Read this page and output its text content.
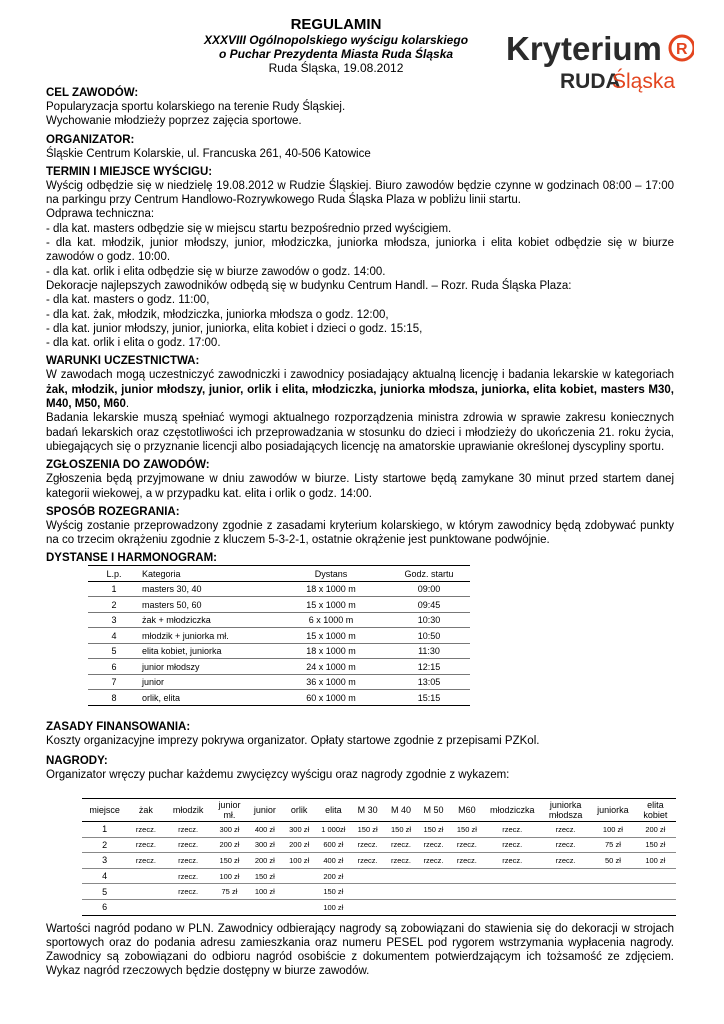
REGULAMIN
XXXVIII Ogólnopolskiego wyścigu kolarskiego
o Puchar Prezydenta Miasta Ruda Śląska
Ruda Śląska, 19.08.2012
Kryterium R
RUDA
Śląska
CEL ZAWODÓW:
Popularyzacja sportu kolarskiego na terenie Rudy Śląskiej.
Wychowanie młodzieży poprzez zajęcia sportowe.
ORGANIZATOR:
Śląskie Centrum Kolarskie, ul. Francuska 261, 40-506 Katowice
TERMIN I MIEJSCE WYŚCIGU:
Wyścig odbędzie się w niedzielę 19.08.2012 w Rudzie Śląskiej. Biuro zawodów będzie czynne w godzinach 08:00 – 17:00 na parkingu przy Centrum Handlowo-Rozrywkowego Ruda Śląska Plaza w pobliżu linii startu.
Odprawa techniczna:
- dla kat. masters odbędzie się w miejscu startu bezpośrednio przed wyścigiem.
- dla kat. młodzik, junior młodszy, junior, młodziczka, juniorka młodsza, juniorka i elita kobiet odbędzie się w biurze zawodów o godz. 10:00.
- dla kat. orlik i elita odbędzie się w biurze zawodów o godz. 14:00.
Dekoracje najlepszych zawodników odbędą się w budynku Centrum Handl. – Rozr. Ruda Śląska Plaza:
- dla kat. masters o godz. 11:00,
- dla kat. żak, młodzik, młodziczka, juniorka młodsza o godz. 12:00,
- dla kat. junior młodszy, junior, juniorka, elita kobiet i dzieci o godz. 15:15,
- dla kat. orlik i elita o godz. 17:00.
WARUNKI UCZESTNICTWA:
W zawodach mogą uczestniczyć zawodniczki i zawodnicy posiadający aktualną licencję i badania lekarskie w kategoriach żak, młodzik, junior młodszy, junior, orlik i elita, młodziczka, juniorka młodsza, juniorka, elita kobiet, masters M30, M40, M50, M60.
Badania lekarskie muszą spełniać wymogi aktualnego rozporządzenia ministra zdrowia w sprawie zakresu koniecznych badań lekarskich oraz częstotliwości ich przeprowadzania w stosunku do dzieci i młodzieży do ukończenia 21. roku życia, ubiegających się o przyznanie licencji albo posiadających licencję na amatorskie uprawianie określonej dyscypliny sportu.
ZGŁOSZENIA DO ZAWODÓW:
Zgłoszenia będą przyjmowane w dniu zawodów w biurze. Listy startowe będą zamykane 30 minut przed startem danej kategorii wiekowej, a w przypadku kat. elita i orlik o godz. 14:00.
SPOSÓB ROZEGRANIA:
Wyścig zostanie przeprowadzony zgodnie z zasadami kryterium kolarskiego, w którym zawodnicy będą zdobywać punkty na co trzecim okrążeniu zgodnie z kluczem 5-3-2-1, ostatnie okrążenie jest punktowane podwójnie.
DYSTANSE I HARMONOGRAM:
L.p.	Kategoria	Dystans	Godz. startu
1	masters 30, 40	18 x 1000 m	09:00
2	masters 50, 60	15 x 1000 m	09:45
3	żak + młodziczka	6 x 1000 m	10:30
4	młodzik + juniorka mł.	15 x 1000 m	10:50
5	elita kobiet, juniorka	18 x 1000 m	11:30
6	junior młodszy	24 x 1000 m	12:15
7	junior	36 x 1000 m	13:05
8	orlik, elita	60 x 1000 m	15:15
ZASADY FINANSOWANIA:
Koszty organizacyjne imprezy pokrywa organizator. Opłaty startowe zgodnie z przepisami PZKol.
NAGRODY:
Organizator wręczy puchar każdemu zwycięzcy wyścigu oraz nagrody zgodnie z wykazem:
miejsce	żak	młodzik	junior mł.	junior	orlik	elita	M 30	M 40	M 50	M60	młodziczka	juniorka młodsza	juniorka	elita kobiet
1	rzecz.	rzecz.	300 zł	400 zł	300 zł	1 000zł	150 zł	150 zł	150 zł	150 zł	rzecz.	rzecz.	100 zł	200 zł
2	rzecz.	rzecz.	200 zł	300 zł	200 zł	600 zł	rzecz.	rzecz.	rzecz.	rzecz.	rzecz.	rzecz.	75 zł	150 zł
3	rzecz.	rzecz.	150 zł	200 zł	100 zł	400 zł	rzecz.	rzecz.	rzecz.	rzecz.	rzecz.	rzecz.	50 zł	100 zł
4		rzecz.	100 zł	150 zł		200 zł								
5		rzecz.	75 zł	100 zł		150 zł								
6						100 zł								
Wartości nagród podano w PLN. Zawodnicy odbierający nagrody są zobowiązani do stawienia się do dekoracji w strojach sportowych oraz do podania adresu zamieszkania oraz numeru PESEL pod rygorem wstrzymania wypłacenia nagrody. Zawodnicy są zobowiązani do odbioru nagród osobiście z dokumentem potwierdzającym ich tożsamość ze zdjęciem. Wykaz nagród rzeczowych będzie dostępny w biurze zawodów.
